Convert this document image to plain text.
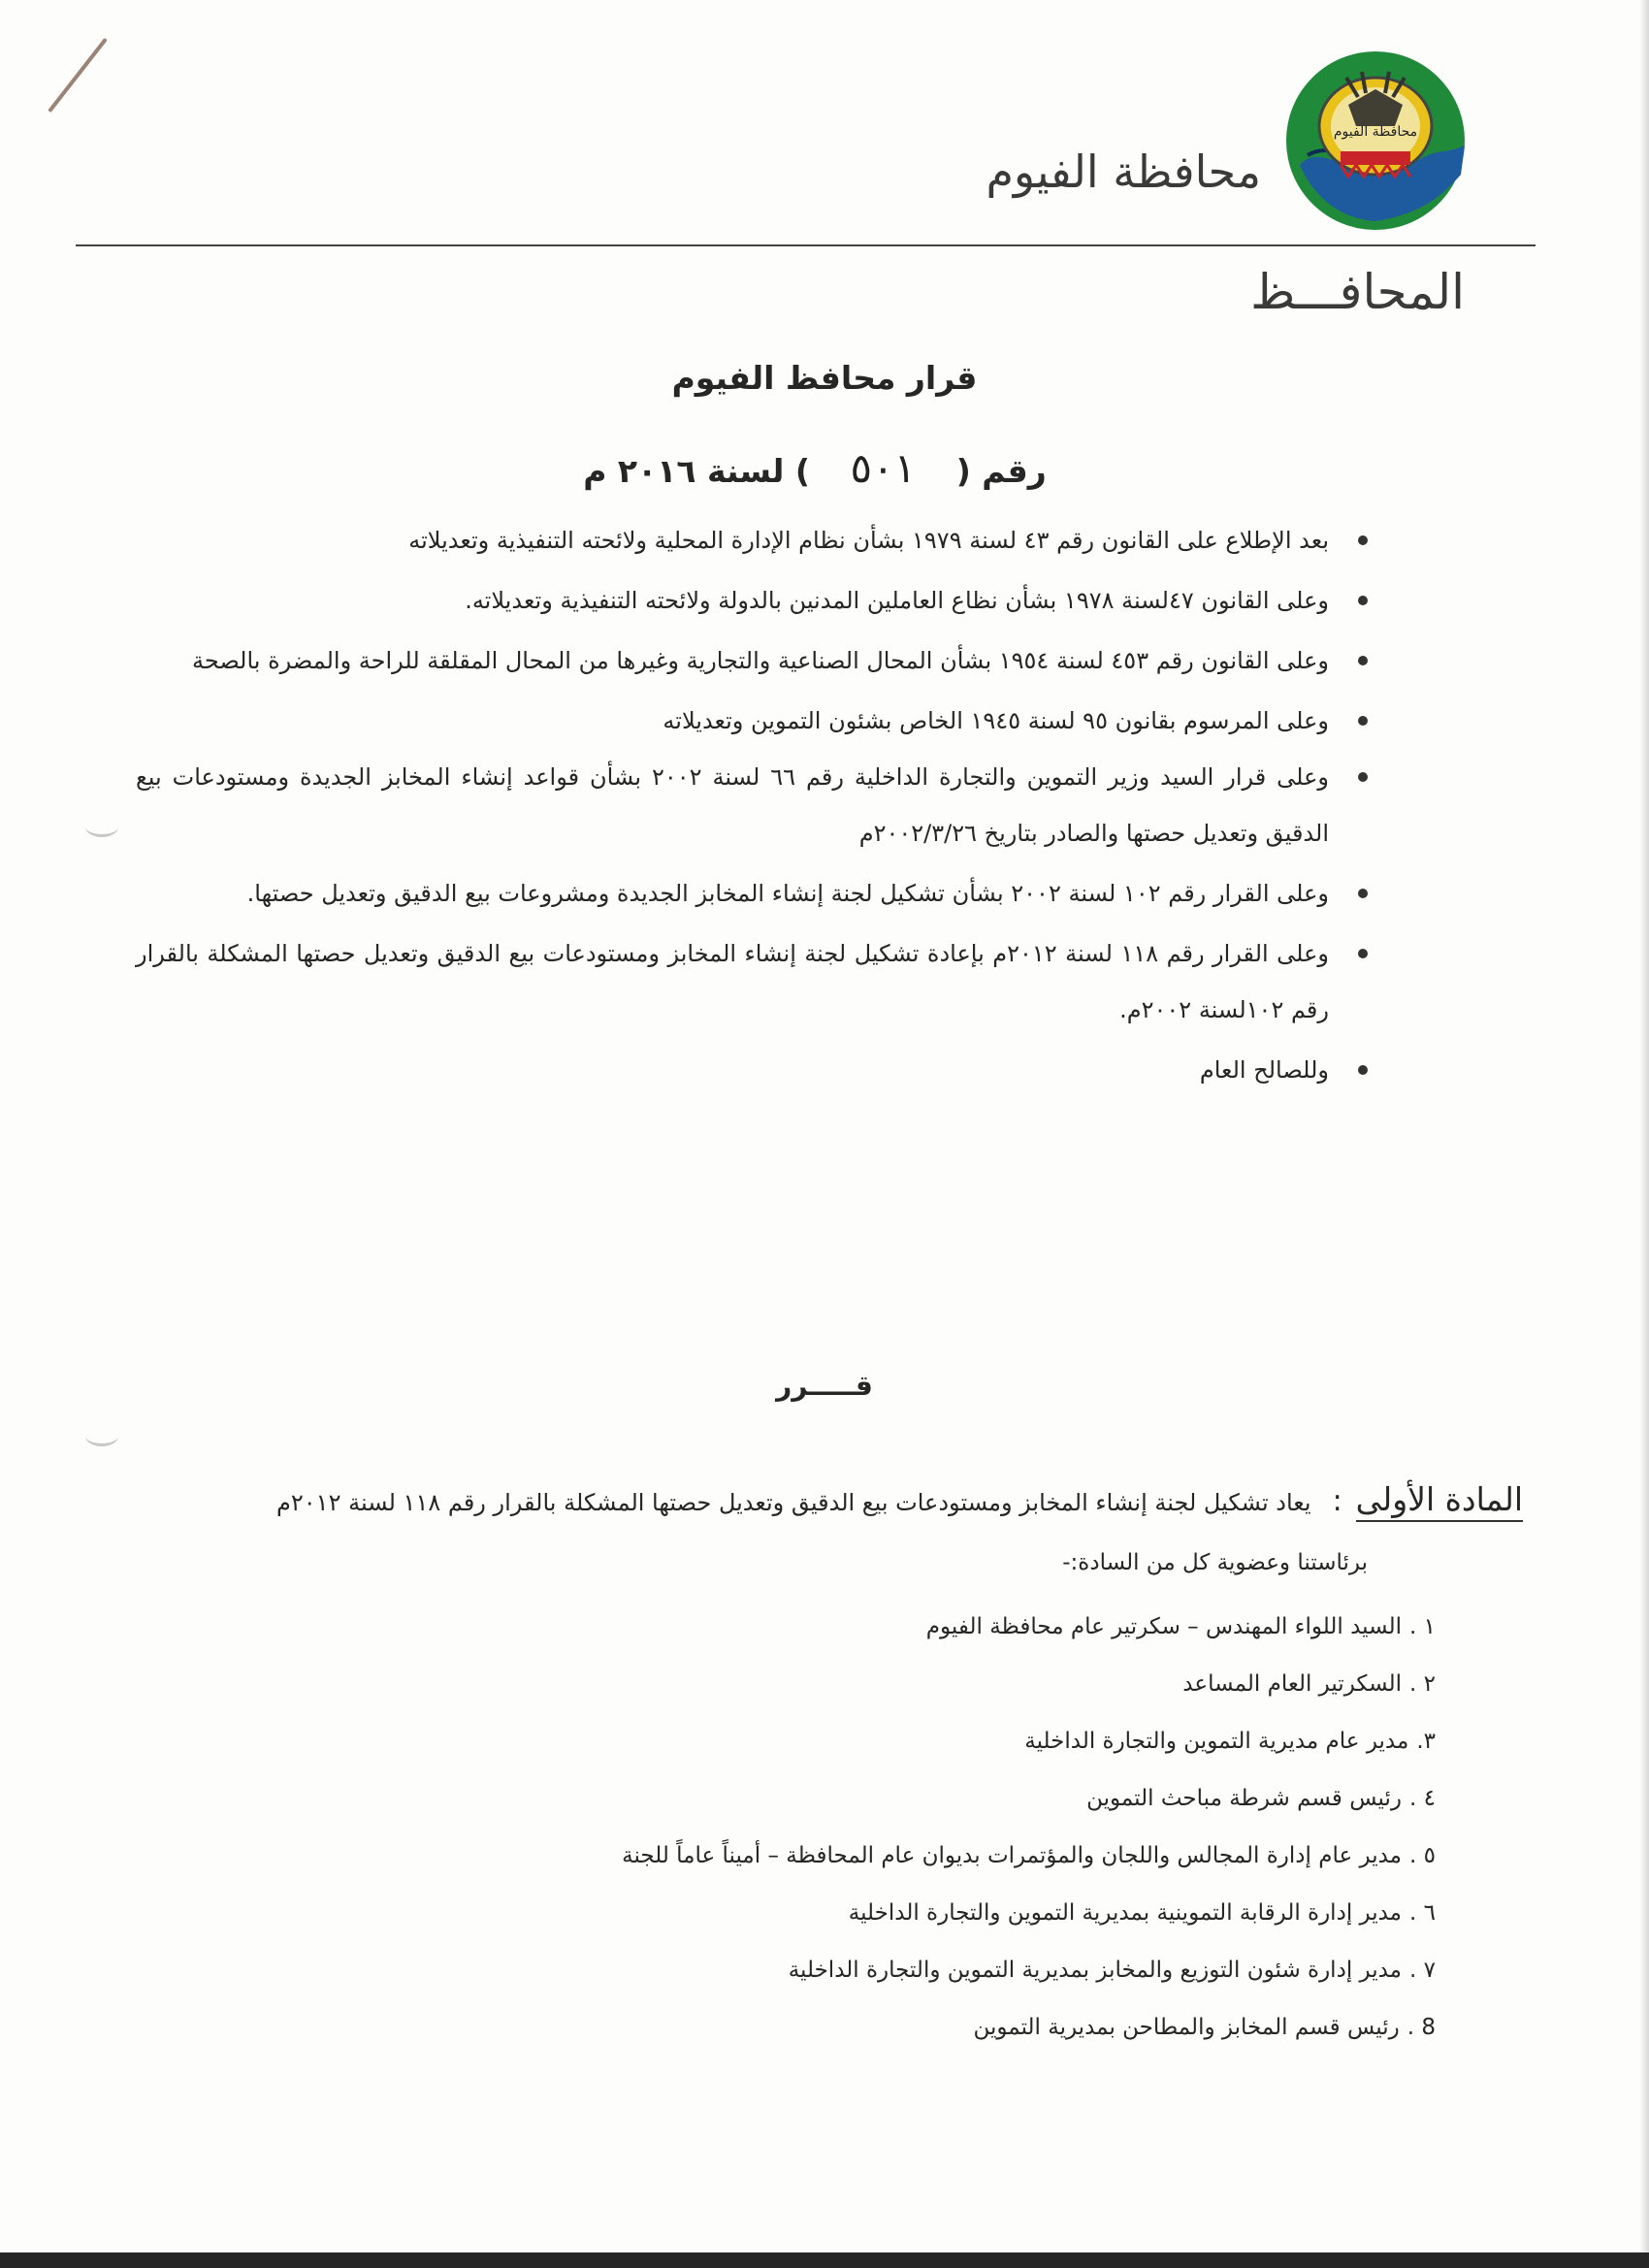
محافظة الفيوم
محافظة الفيوم
المحافـــظ
قرار محافظ الفيوم
رقم ( ٥٠١ ) لسنة ٢٠١٦ م
بعد الإطلاع على القانون رقم ٤٣ لسنة ١٩٧٩ بشأن نظام الإدارة المحلية ولائحته التنفيذية وتعديلاته
وعلى القانون ٤٧لسنة ١٩٧٨ بشأن نظاع العاملين المدنين بالدولة ولائحته التنفيذية وتعديلاته.
وعلى القانون رقم ٤٥٣ لسنة ١٩٥٤ بشأن المحال الصناعية والتجارية وغيرها من المحال المقلقة للراحة والمضرة بالصحة
وعلى المرسوم بقانون ٩٥ لسنة ١٩٤٥ الخاص بشئون التموين وتعديلاته
وعلى قرار السيد وزير التموين والتجارة الداخلية رقم ٦٦ لسنة ٢٠٠٢ بشأن قواعد إنشاء المخابز الجديدة ومستودعات بيع الدقيق وتعديل حصتها والصادر بتاريخ ٢٠٠٢/٣/٢٦م
وعلى القرار رقم ١٠٢ لسنة ٢٠٠٢ بشأن تشكيل لجنة إنشاء المخابز الجديدة ومشروعات بيع الدقيق وتعديل حصتها.
وعلى القرار رقم ١١٨ لسنة ٢٠١٢م بإعادة تشكيل لجنة إنشاء المخابز ومستودعات بيع الدقيق وتعديل حصتها المشكلة بالقرار رقم ١٠٢لسنة ٢٠٠٢م.
وللصالح العام
قـــــرر
المادة الأولى:يعاد تشكيل لجنة إنشاء المخابز ومستودعات بيع الدقيق وتعديل حصتها المشكلة بالقرار رقم ١١٨ لسنة ٢٠١٢م
برئاستنا وعضوية كل من السادة:-
١ .السيد اللواء المهندس – سكرتير عام محافظة الفيوم
٢ .السكرتير العام المساعد
٣.مدير عام مديرية التموين والتجارة الداخلية
٤ .رئيس قسم شرطة مباحث التموين
٥ .مدير عام إدارة المجالس واللجان والمؤتمرات بديوان عام المحافظة – أميناً عاماً للجنة
٦ .مدير إدارة الرقابة التموينية بمديرية التموين والتجارة الداخلية
٧ .مدير إدارة شئون التوزيع والمخابز بمديرية التموين والتجارة الداخلية
8 .رئيس قسم المخابز والمطاحن بمديرية التموين
